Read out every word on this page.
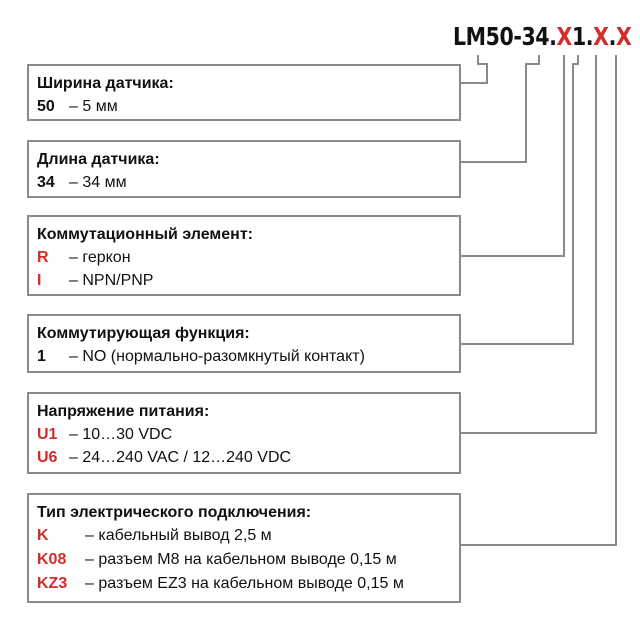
LM50-34.X1.X.X
Ширина датчика:
50 – 5 мм
Длина датчика:
34 – 34 мм
Коммутационный элемент:
R – геркон
I – NPN/PNP
Коммутирующая функция:
1 – NO (нормально-разомкнутый контакт)
Напряжение питания:
U1 – 10…30 VDC
U6 – 24…240 VAC / 12…240 VDC
Тип электрического подключения:
K – кабельный вывод 2,5 м
K08 – разъем М8 на кабельном выводе 0,15 м
KZ3 – разъем EZ3 на кабельном выводе 0,15 м
